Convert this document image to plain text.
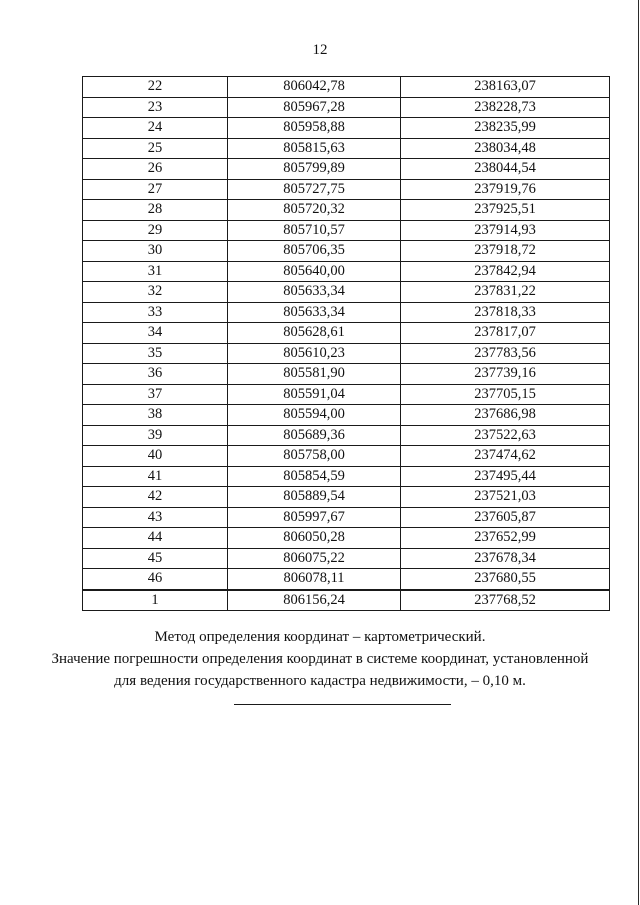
12
22	806042,78	238163,07
23	805967,28	238228,73
24	805958,88	238235,99
25	805815,63	238034,48
26	805799,89	238044,54
27	805727,75	237919,76
28	805720,32	237925,51
29	805710,57	237914,93
30	805706,35	237918,72
31	805640,00	237842,94
32	805633,34	237831,22
33	805633,34	237818,33
34	805628,61	237817,07
35	805610,23	237783,56
36	805581,90	237739,16
37	805591,04	237705,15
38	805594,00	237686,98
39	805689,36	237522,63
40	805758,00	237474,62
41	805854,59	237495,44
42	805889,54	237521,03
43	805997,67	237605,87
44	806050,28	237652,99
45	806075,22	237678,34
46	806078,11	237680,55
1	806156,24	237768,52

Метод определения координат – картометрический.

Значение погрешности определения координат в системе координат, установленной

для ведения государственного кадастра недвижимости, – 0,10 м.
